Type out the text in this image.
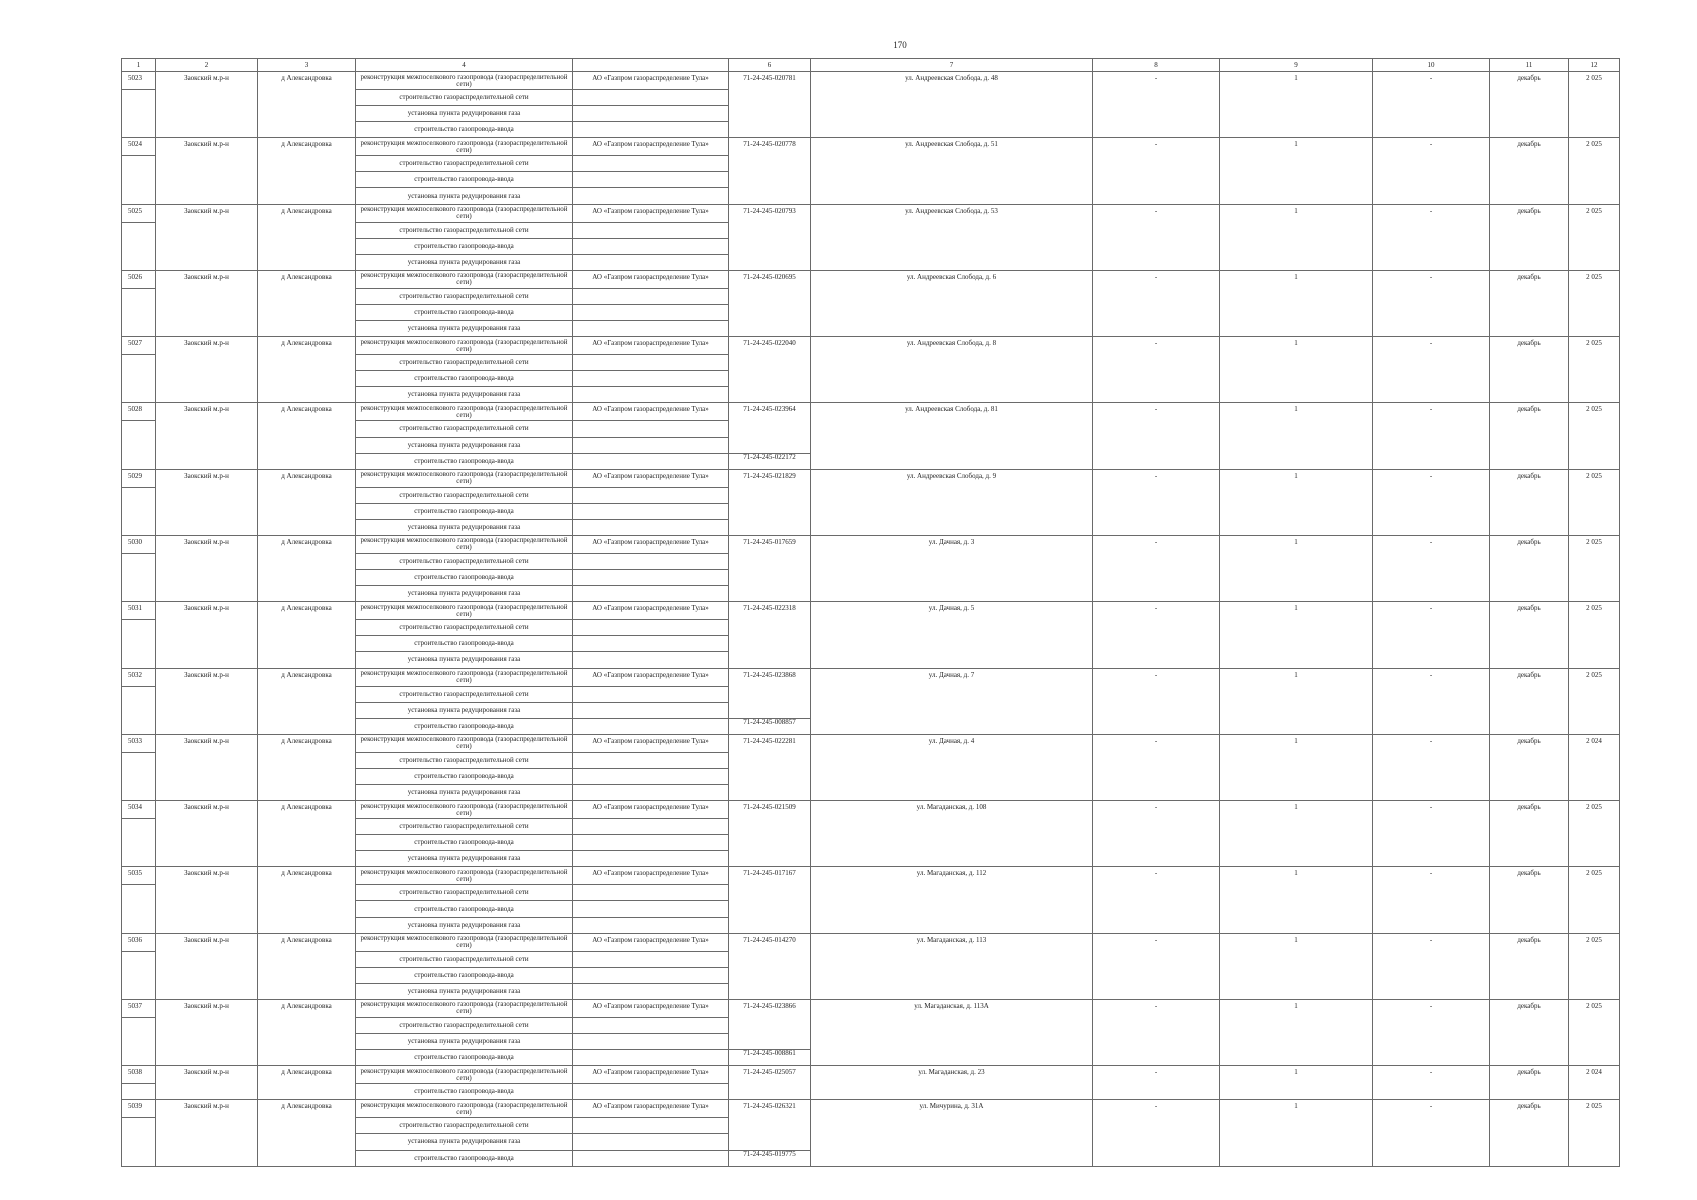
170
1	2	3	4		6	7	8	9	10	11	12
5023	Заокский м.р-н	д Александровка	реконструкция межпоселкового газопровода (газораспределительной сети)	АО «Газпром газораспределение Тула»	71-24-245-020781	ул. Андреевская Слобода, д. 48	-	1	-	декабрь	2 025
			строительство газораспределительной сети								
			установка пункта редуцирования газа								
			строительство газопровода-ввода								
5024	Заокский м.р-н	д Александровка	реконструкция межпоселкового газопровода (газораспределительной сети)	АО «Газпром газораспределение Тула»	71-24-245-020778	ул. Андреевская Слобода, д. 51	-	1	-	декабрь	2 025
			строительство газораспределительной сети								
			строительство газопровода-ввода								
			установка пункта редуцирования газа								
5025	Заокский м.р-н	д Александровка	реконструкция межпоселкового газопровода (газораспределительной сети)	АО «Газпром газораспределение Тула»	71-24-245-020793	ул. Андреевская Слобода, д. 53	-	1	-	декабрь	2 025
			строительство газораспределительной сети								
			строительство газопровода-ввода								
			установка пункта редуцирования газа								
5026	Заокский м.р-н	д Александровка	реконструкция межпоселкового газопровода (газораспределительной сети)	АО «Газпром газораспределение Тула»	71-24-245-020695	ул. Андреевская Слобода, д. 6	-	1	-	декабрь	2 025
			строительство газораспределительной сети								
			строительство газопровода-ввода								
			установка пункта редуцирования газа								
5027	Заокский м.р-н	д Александровка	реконструкция межпоселкового газопровода (газораспределительной сети)	АО «Газпром газораспределение Тула»	71-24-245-022040	ул. Андреевская Слобода, д. 8	-	1	-	декабрь	2 025
			строительство газораспределительной сети								
			строительство газопровода-ввода								
			установка пункта редуцирования газа								
5028	Заокский м.р-н	д Александровка	реконструкция межпоселкового газопровода (газораспределительной сети)	АО «Газпром газораспределение Тула»	71-24-245-023964	ул. Андреевская Слобода, д. 81	-	1	-	декабрь	2 025
			строительство газораспределительной сети								
			установка пункта редуцирования газа								
			строительство газопровода-ввода		71-24-245-022172						
5029	Заокский м.р-н	д Александровка	реконструкция межпоселкового газопровода (газораспределительной сети)	АО «Газпром газораспределение Тула»	71-24-245-021829	ул. Андреевская Слобода, д. 9	-	1	-	декабрь	2 025
			строительство газораспределительной сети								
			строительство газопровода-ввода								
			установка пункта редуцирования газа								
5030	Заокский м.р-н	д Александровка	реконструкция межпоселкового газопровода (газораспределительной сети)	АО «Газпром газораспределение Тула»	71-24-245-017659	ул. Дачная, д. 3	-	1	-	декабрь	2 025
			строительство газораспределительной сети								
			строительство газопровода-ввода								
			установка пункта редуцирования газа								
5031	Заокский м.р-н	д Александровка	реконструкция межпоселкового газопровода (газораспределительной сети)	АО «Газпром газораспределение Тула»	71-24-245-022318	ул. Дачная, д. 5	-	1	-	декабрь	2 025
			строительство газораспределительной сети								
			строительство газопровода-ввода								
			установка пункта редуцирования газа								
5032	Заокский м.р-н	д Александровка	реконструкция межпоселкового газопровода (газораспределительной сети)	АО «Газпром газораспределение Тула»	71-24-245-023868	ул. Дачная, д. 7	-	1	-	декабрь	2 025
			строительство газораспределительной сети								
			установка пункта редуцирования газа								
			строительство газопровода-ввода		71-24-245-008857						
5033	Заокский м.р-н	д Александровка	реконструкция межпоселкового газопровода (газораспределительной сети)	АО «Газпром газораспределение Тула»	71-24-245-022281	ул. Дачная, д. 4	-	1	-	декабрь	2 024
			строительство газораспределительной сети								
			строительство газопровода-ввода								
			установка пункта редуцирования газа								
5034	Заокский м.р-н	д Александровка	реконструкция межпоселкового газопровода (газораспределительной сети)	АО «Газпром газораспределение Тула»	71-24-245-021509	ул. Магаданская, д. 108	-	1	-	декабрь	2 025
			строительство газораспределительной сети								
			строительство газопровода-ввода								
			установка пункта редуцирования газа								
5035	Заокский м.р-н	д Александровка	реконструкция межпоселкового газопровода (газораспределительной сети)	АО «Газпром газораспределение Тула»	71-24-245-017167	ул. Магаданская, д. 112	-	1	-	декабрь	2 025
			строительство газораспределительной сети								
			строительство газопровода-ввода								
			установка пункта редуцирования газа								
5036	Заокский м.р-н	д Александровка	реконструкция межпоселкового газопровода (газораспределительной сети)	АО «Газпром газораспределение Тула»	71-24-245-014270	ул. Магаданская, д. 113	-	1	-	декабрь	2 025
			строительство газораспределительной сети								
			строительство газопровода-ввода								
			установка пункта редуцирования газа								
5037	Заокский м.р-н	д Александровка	реконструкция межпоселкового газопровода (газораспределительной сети)	АО «Газпром газораспределение Тула»	71-24-245-023866	ул. Магаданская, д. 113А	-	1	-	декабрь	2 025
			строительство газораспределительной сети								
			установка пункта редуцирования газа								
			строительство газопровода-ввода		71-24-245-008861						
5038	Заокский м.р-н	д Александровка	реконструкция межпоселкового газопровода (газораспределительной сети)	АО «Газпром газораспределение Тула»	71-24-245-025057	ул. Магаданская, д. 23	-	1	-	декабрь	2 024
			строительство газопровода-ввода								
5039	Заокский м.р-н	д Александровка	реконструкция межпоселкового газопровода (газораспределительной сети)	АО «Газпром газораспределение Тула»	71-24-245-026321	ул. Мичурина, д. 31А	-	1	-	декабрь	2 025
			строительство газораспределительной сети								
			установка пункта редуцирования газа								
			строительство газопровода-ввода		71-24-245-019775						
